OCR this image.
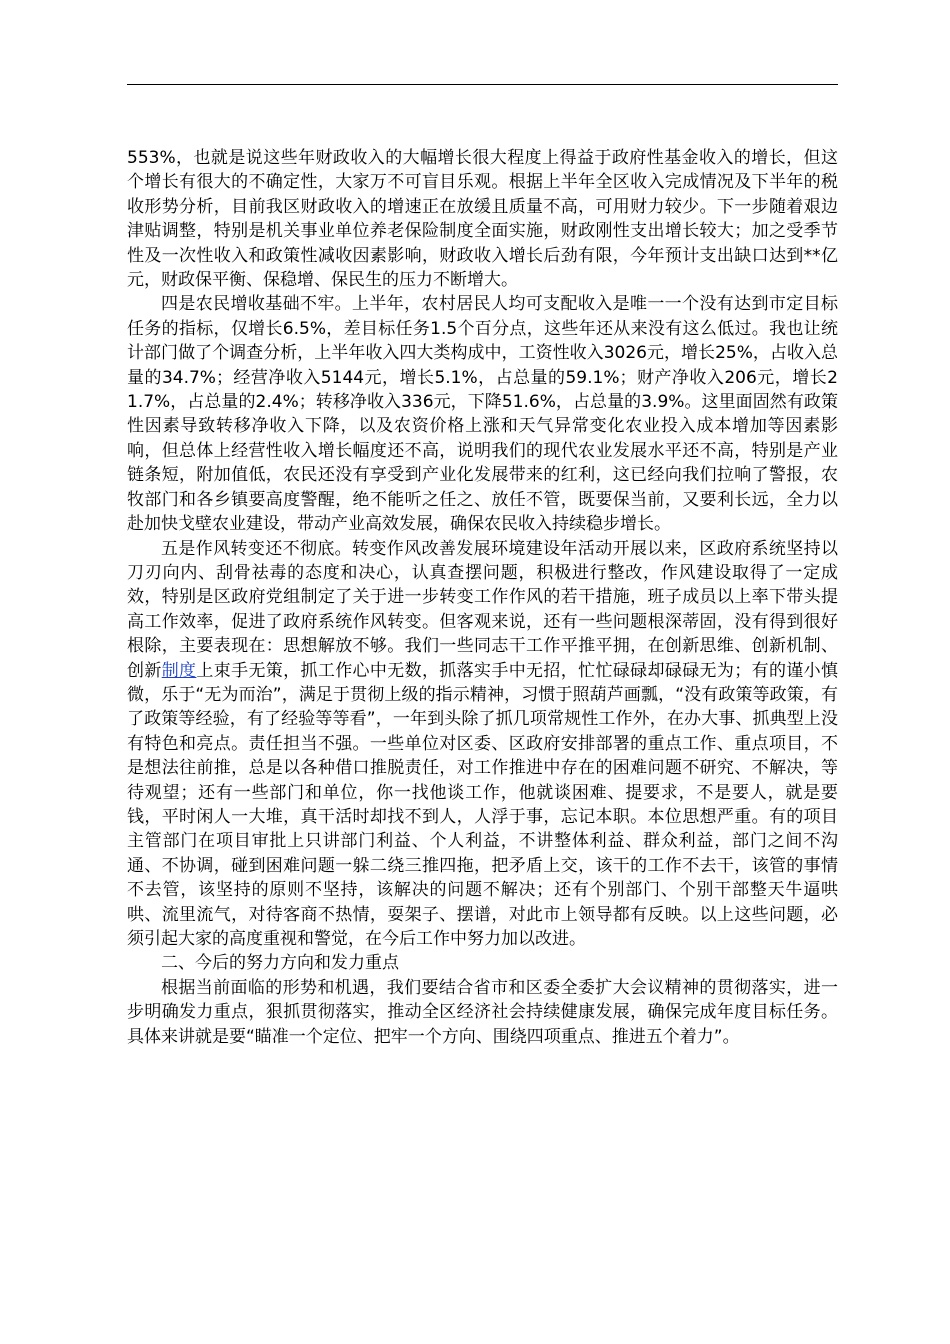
553%，也就是说这些年财政收入的大幅增长很大程度上得益于政府性基金收入的增长，但这个增长有很大的不确定性，大家万不可盲目乐观。根据上半年全区收入完成情况及下半年的税收形势分析，目前我区财政收入的增速正在放缓且质量不高，可用财力较少。下一步随着艰边津贴调整，特别是机关事业单位养老保险制度全面实施，财政刚性支出增长较大；加之受季节性及一次性收入和政策性减收因素影响，财政收入增长后劲有限，今年预计支出缺口达到**亿元，财政保平衡、保稳增、保民生的压力不断增大。

四是农民增收基础不牢。上半年，农村居民人均可支配收入是唯一一个没有达到市定目标任务的指标，仅增长6.5%，差目标任务1.5个百分点，这些年还从来没有这么低过。我也让统计部门做了个调查分析，上半年收入四大类构成中，工资性收入3026元，增长25%，占收入总量的34.7%；经营净收入5144元，增长5.1%，占总量的59.1%；财产净收入206元，增长21.7%，占总量的2.4%；转移净收入336元，下降51.6%，占总量的3.9%。这里面固然有政策性因素导致转移净收入下降，以及农资价格上涨和天气异常变化农业投入成本增加等因素影响，但总体上经营性收入增长幅度还不高，说明我们的现代农业发展水平还不高，特别是产业链条短，附加值低，农民还没有享受到产业化发展带来的红利，这已经向我们拉响了警报，农牧部门和各乡镇要高度警醒，绝不能听之任之、放任不管，既要保当前，又要利长远，全力以赴加快戈壁农业建设，带动产业高效发展，确保农民收入持续稳步增长。

五是作风转变还不彻底。转变作风改善发展环境建设年活动开展以来，区政府系统坚持以刀刃向内、刮骨祛毒的态度和决心，认真查摆问题，积极进行整改，作风建设取得了一定成效，特别是区政府党组制定了关于进一步转变工作作风的若干措施，班子成员以上率下带头提高工作效率，促进了政府系统作风转变。但客观来说，还有一些问题根深蒂固，没有得到很好根除，主要表现在：思想解放不够。我们一些同志干工作平推平拥，在创新思维、创新机制、创新制度上束手无策，抓工作心中无数，抓落实手中无招，忙忙碌碌却碌碌无为；有的谨小慎微，乐于“无为而治”，满足于贯彻上级的指示精神，习惯于照葫芦画瓢，“没有政策等政策，有了政策等经验，有了经验等等看”，一年到头除了抓几项常规性工作外，在办大事、抓典型上没有特色和亮点。责任担当不强。一些单位对区委、区政府安排部署的重点工作、重点项目，不是想法往前推，总是以各种借口推脱责任，对工作推进中存在的困难问题不研究、不解决，等待观望；还有一些部门和单位，你一找他谈工作，他就谈困难、提要求，不是要人，就是要钱，平时闲人一大堆，真干活时却找不到人，人浮于事，忘记本职。本位思想严重。有的项目主管部门在项目审批上只讲部门利益、个人利益，不讲整体利益、群众利益，部门之间不沟通、不协调，碰到困难问题一躲二绕三推四拖，把矛盾上交，该干的工作不去干，该管的事情不去管，该坚持的原则不坚持，该解决的问题不解决；还有个别部门、个别干部整天牛逼哄哄、流里流气，对待客商不热情，耍架子、摆谱，对此市上领导都有反映。以上这些问题，必须引起大家的高度重视和警觉，在今后工作中努力加以改进。

二、今后的努力方向和发力重点

根据当前面临的形势和机遇，我们要结合省市和区委全委扩大会议精神的贯彻落实，进一步明确发力重点，狠抓贯彻落实，推动全区经济社会持续健康发展，确保完成年度目标任务。具体来讲就是要“瞄准一个定位、把牢一个方向、围绕四项重点、推进五个着力”。
